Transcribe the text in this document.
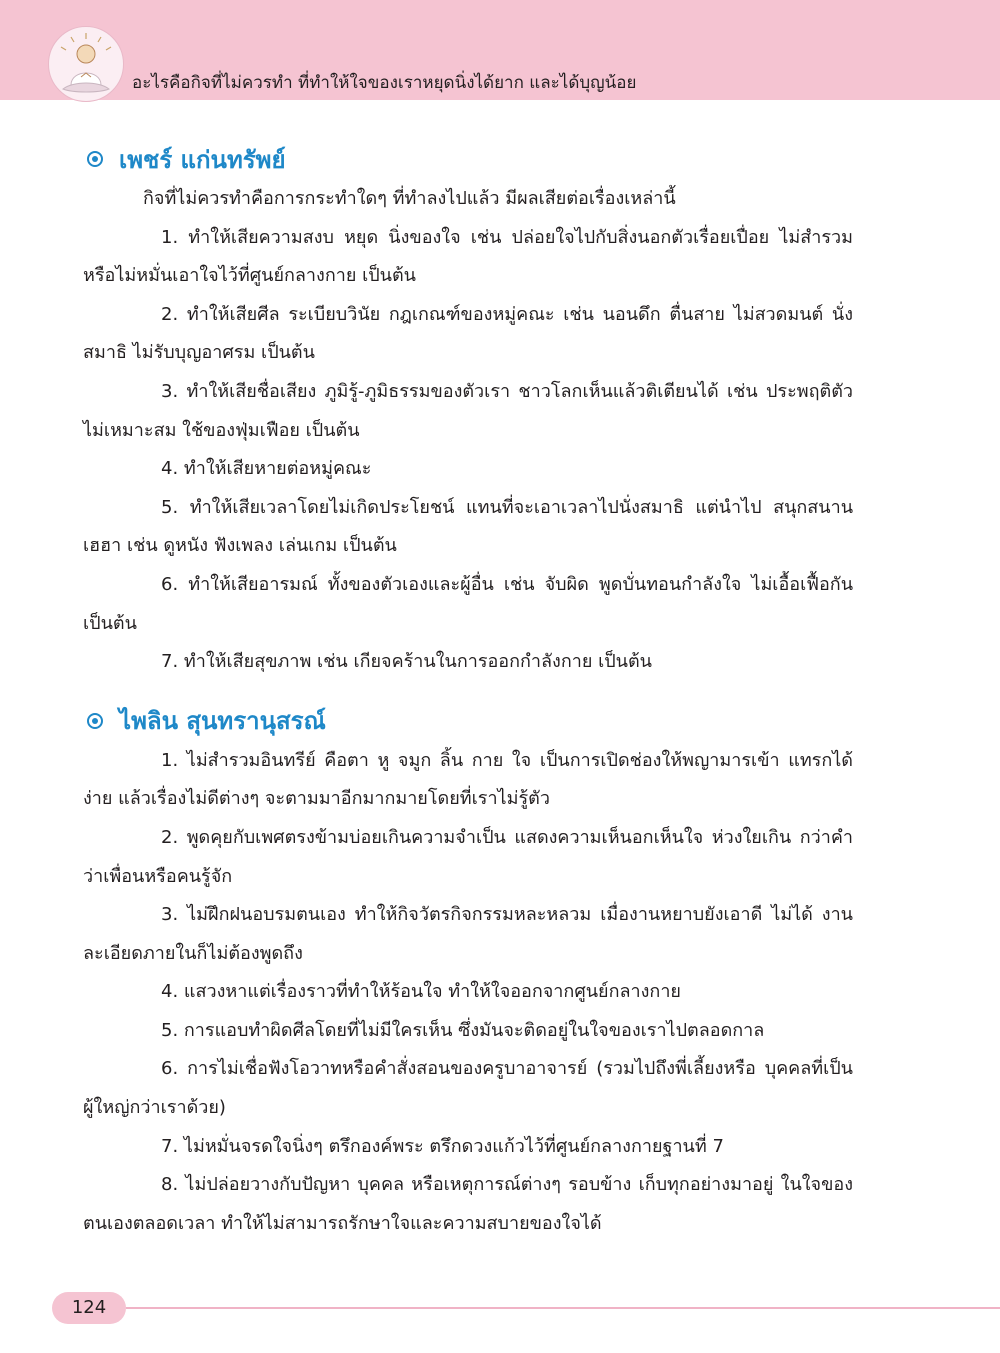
อะไรคือกิจที่ไม่ควรทำ ที่ทำให้ใจของเราหยุดนิ่งได้ยาก และได้บุญน้อย
เพชร์ แก่นทรัพย์

กิจที่ไม่ควรทำคือการกระทำใดๆ ที่ทำลงไปแล้ว มีผลเสียต่อเรื่องเหล่านี้

1. ทำให้เสียความสงบ หยุด นิ่งของใจ เช่น ปล่อยใจไปกับสิ่งนอกตัวเรื่อยเปื่อย ไม่สำรวม หรือไม่หมั่นเอาใจไว้ที่ศูนย์กลางกาย เป็นต้น

2. ทำให้เสียศีล ระเบียบวินัย กฎเกณฑ์ของหมู่คณะ เช่น นอนดึก ตื่นสาย ไม่สวดมนต์ นั่งสมาธิ ไม่รับบุญอาศรม เป็นต้น

3. ทำให้เสียชื่อเสียง ภูมิรู้-ภูมิธรรมของตัวเรา ชาวโลกเห็นแล้วติเตียนได้ เช่น ประพฤติตัวไม่เหมาะสม ใช้ของฟุ่มเฟือย เป็นต้น

4. ทำให้เสียหายต่อหมู่คณะ

5. ทำให้เสียเวลาโดยไม่เกิดประโยชน์ แทนที่จะเอาเวลาไปนั่งสมาธิ แต่นำไป สนุกสนานเฮฮา เช่น ดูหนัง ฟังเพลง เล่นเกม เป็นต้น

6. ทำให้เสียอารมณ์ ทั้งของตัวเองและผู้อื่น เช่น จับผิด พูดบั่นทอนกำลังใจ ไม่เอื้อเฟื้อกัน เป็นต้น

7. ทำให้เสียสุขภาพ เช่น เกียจคร้านในการออกกำลังกาย เป็นต้น

ไพลิน สุนทรานุสรณ์

1. ไม่สำรวมอินทรีย์ คือตา หู จมูก ลิ้น กาย ใจ เป็นการเปิดช่องให้พญามารเข้า แทรกได้ง่าย แล้วเรื่องไม่ดีต่างๆ จะตามมาอีกมากมายโดยที่เราไม่รู้ตัว

2. พูดคุยกับเพศตรงข้ามบ่อยเกินความจำเป็น แสดงความเห็นอกเห็นใจ ห่วงใยเกิน กว่าคำว่าเพื่อนหรือคนรู้จัก

3. ไม่ฝึกฝนอบรมตนเอง ทำให้กิจวัตรกิจกรรมหละหลวม เมื่องานหยาบยังเอาดี ไม่ได้ งานละเอียดภายในก็ไม่ต้องพูดถึง

4. แสวงหาแต่เรื่องราวที่ทำให้ร้อนใจ ทำให้ใจออกจากศูนย์กลางกาย

5. การแอบทำผิดศีลโดยที่ไม่มีใครเห็น ซึ่งมันจะติดอยู่ในใจของเราไปตลอดกาล

6. การไม่เชื่อฟังโอวาทหรือคำสั่งสอนของครูบาอาจารย์ (รวมไปถึงพี่เลี้ยงหรือ บุคคลที่เป็นผู้ใหญ่กว่าเราด้วย)

7. ไม่หมั่นจรดใจนิ่งๆ ตรึกองค์พระ ตรึกดวงแก้วไว้ที่ศูนย์กลางกายฐานที่ 7

8. ไม่ปล่อยวางกับปัญหา บุคคล หรือเหตุการณ์ต่างๆ รอบข้าง เก็บทุกอย่างมาอยู่ ในใจของตนเองตลอดเวลา ทำให้ไม่สามารถรักษาใจและความสบายของใจได้

124
